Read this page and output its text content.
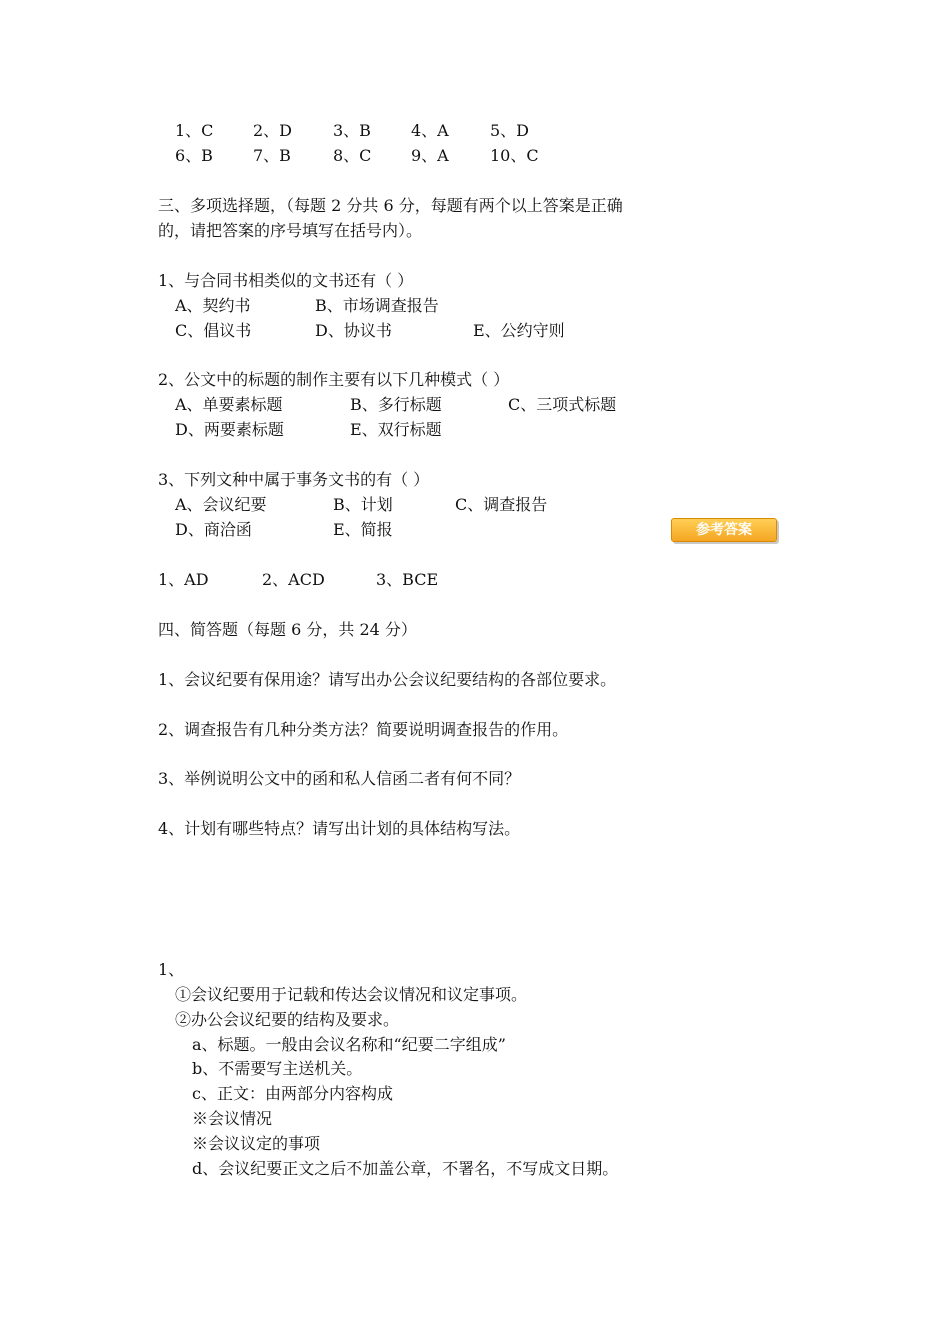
1、C 2、D	3、B	4、A	5、D
6、B	7、B	8、C 9、A	10、C
三、多项选择题，（每题 2 分共 6 分，每题有两个以上答案是正确
的，请把答案的序号填写在括号内）。
1、与合同书相类似的文书还有（ ）
A、契约书	B、市场调查报告
C、倡议书	D、协议书	E、公约守则
2、公文中的标题的制作主要有以下几种模式（ ）
A、单要素标题	B、多行标题	C、三项式标题
D、两要素标题	E、双行标题
3、下列文种中属于事务文书的有（ ）
A、会议纪要	B、计划	C、调查报告
D、商洽函	E、简报	参考答案
1、AD	2、ACD	3、BCE
四、简答题（每题 6 分，共 24 分）
1、会议纪要有保用途？请写出办公会议纪要结构的各部位要求。
2、调查报告有几种分类方法？简要说明调查报告的作用。
3、举例说明公文中的函和私人信函二者有何不同？
4、计划有哪些特点？请写出计划的具体结构写法。
1、
①会议纪要用于记载和传达会议情况和议定事项。
②办公会议纪要的结构及要求。
a、标题。一般由会议名称和“纪要二字组成”
b、不需要写主送机关。
c、正文：由两部分内容构成
※会议情况
※会议议定的事项
d、会议纪要正文之后不加盖公章，不署名，不写成文日期。
